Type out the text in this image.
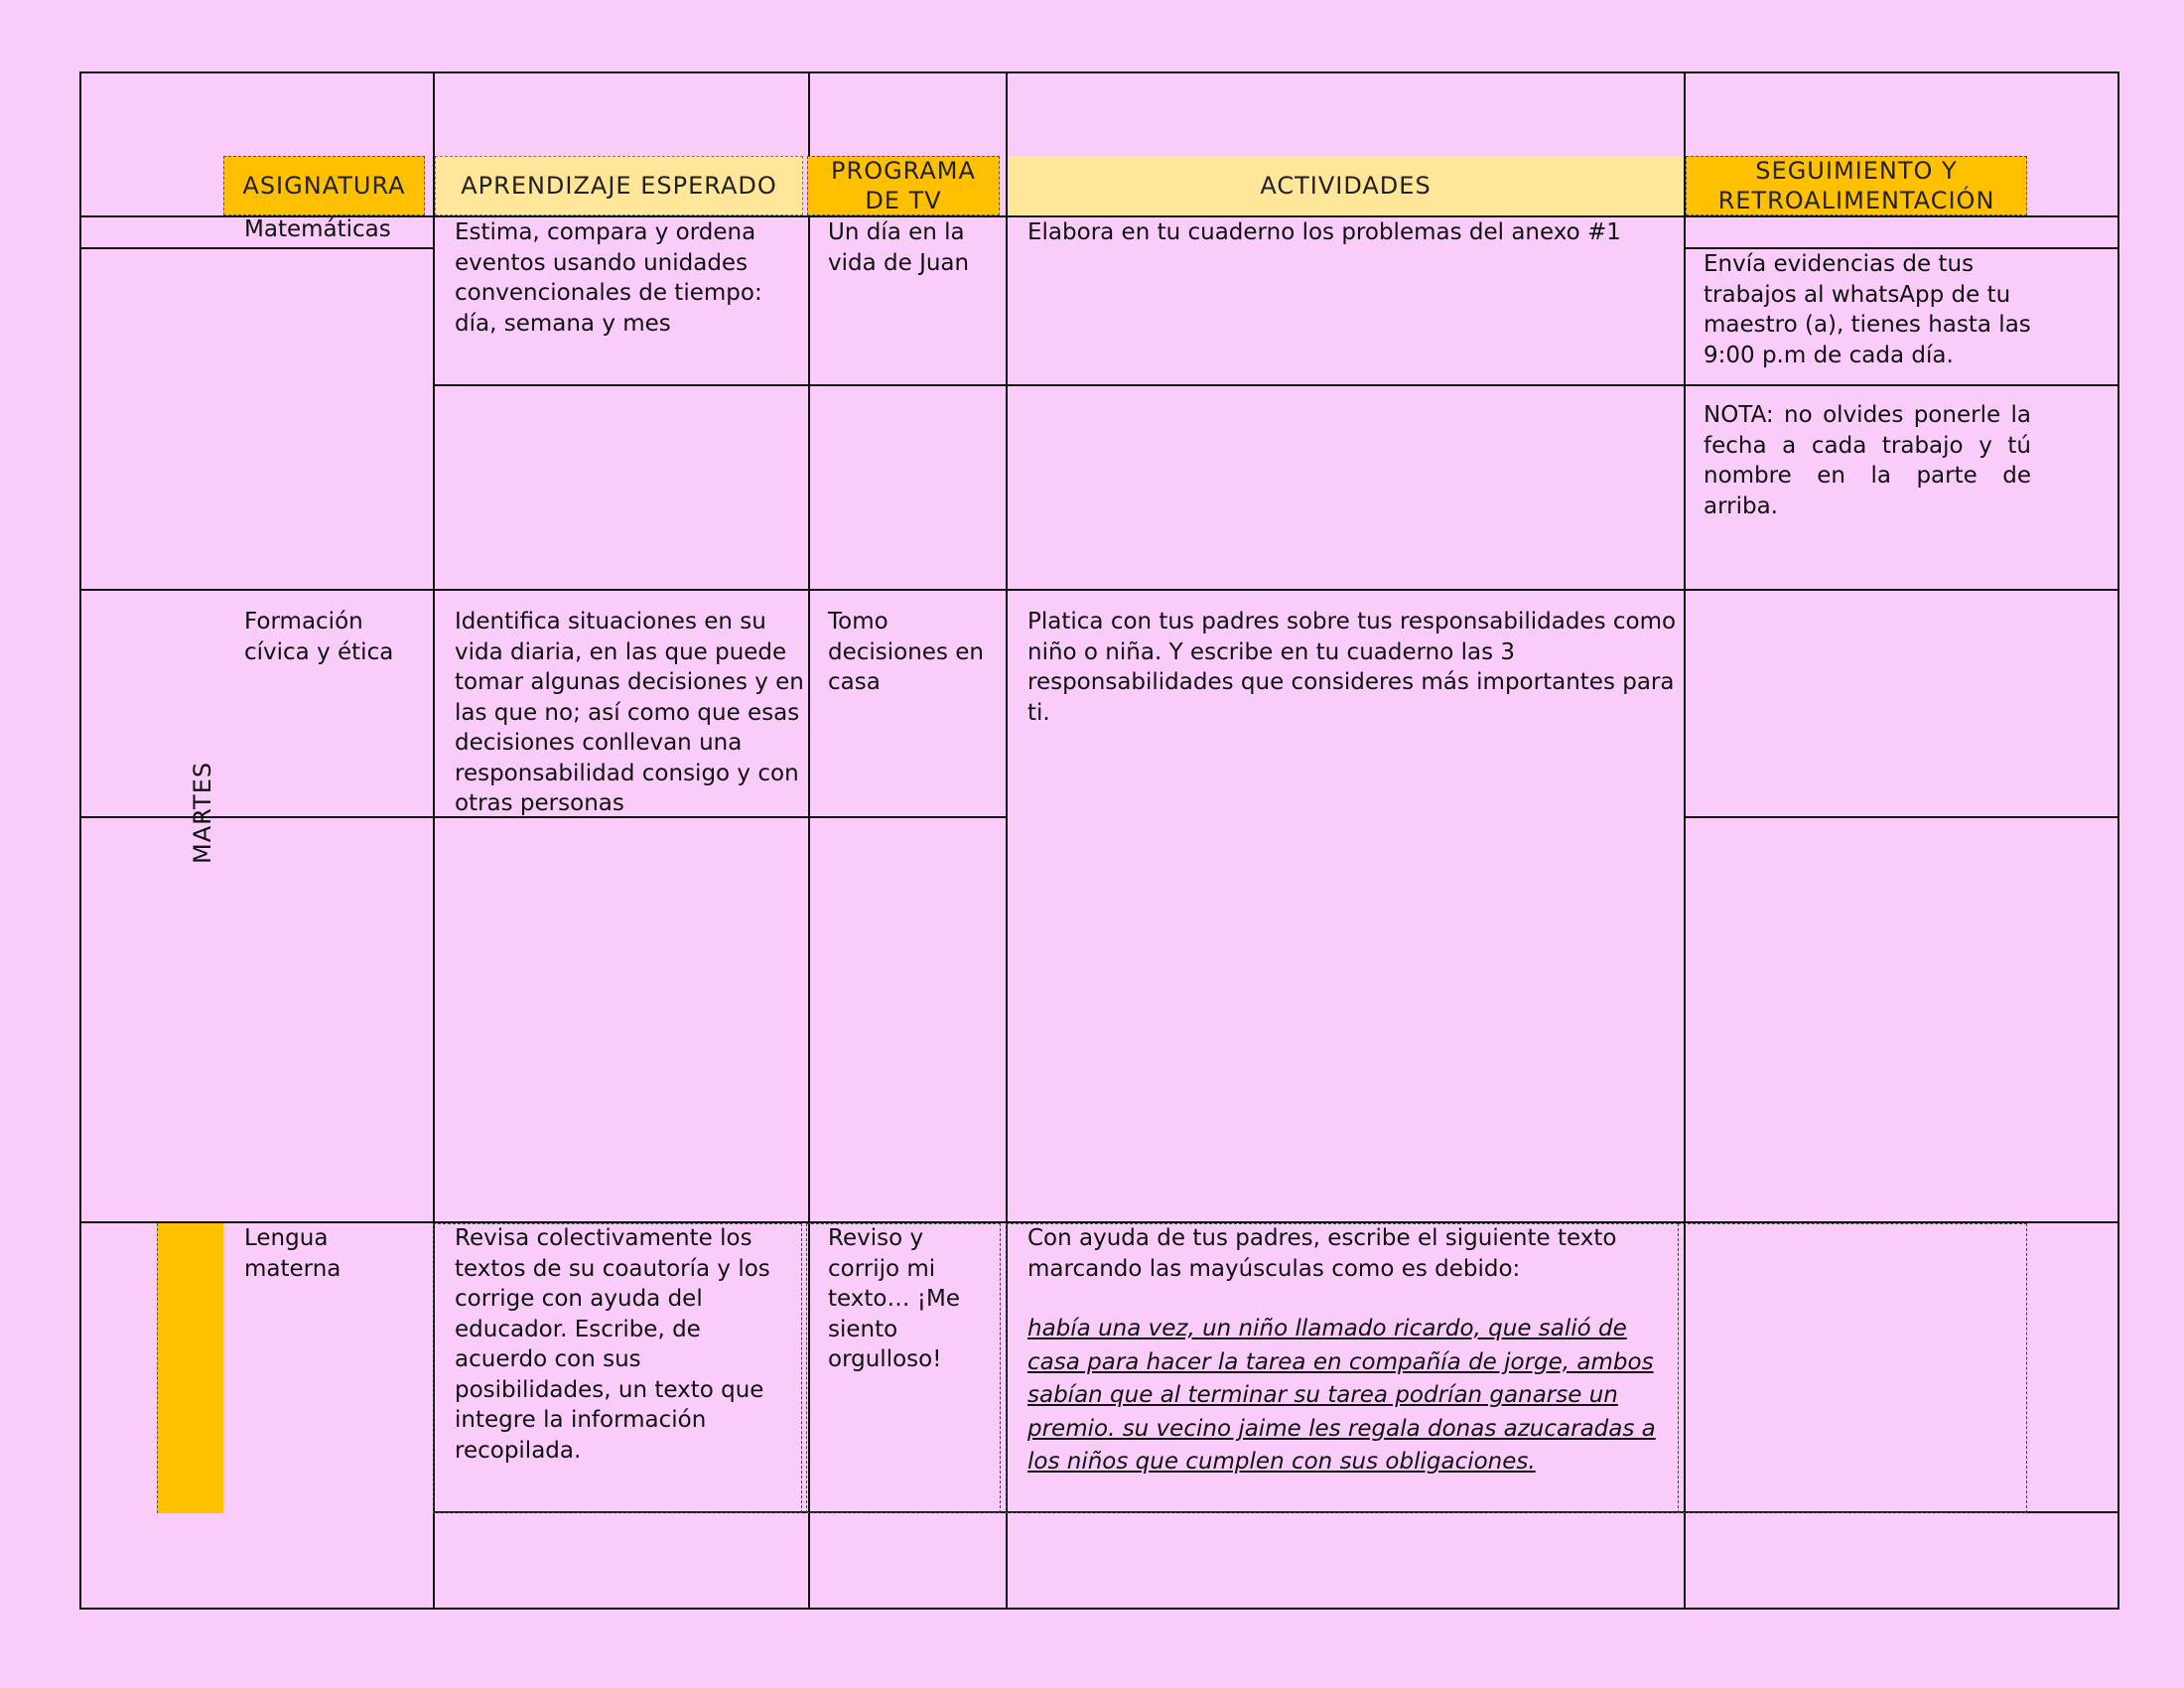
ASIGNATURA	APRENDIZAJE ESPERADO
PROGRAMA DE TV
ACTIVIDADES
SEGUIMIENTO Y RETROALIMENTACIÓN
MARTES
Matemáticas	Estima, compara y ordena eventos usando unidades convencionales de tiempo: día, semana y mes
Un día en la vida de Juan
Elabora en tu cuaderno los problemas del anexo #1
Envía evidencias de tus trabajos al whatsApp de tu maestro (a), tienes hasta las 9:00 p.m de cada día.
NOTA: no olvides ponerle la fecha a cada trabajo y tú nombre en la parte de arriba.
Formación cívica y ética
Identifica situaciones en su vida diaria, en las que puede tomar algunas decisiones y en las que no; así como que esas decisiones conllevan una responsabilidad consigo y con otras personas
Tomo decisiones en casa
Platica con tus padres sobre tus responsabilidades como niño o niña. Y escribe en tu cuaderno las 3 responsabilidades que consideres más importantes para ti.
Lengua materna
Revisa colectivamente los textos de su coautoría y los corrige con ayuda del educador. Escribe, de acuerdo con sus posibilidades, un texto que integre la información recopilada.
Reviso y corrijo mi texto… ¡Me siento orgulloso!
Con ayuda de tus padres, escribe el siguiente texto marcando las mayúsculas como es debido:
había una vez, un niño llamado ricardo, que salió de casa para hacer la tarea en compañía de jorge, ambos sabían que al terminar su tarea podrían ganarse un premio. su vecino jaime les regala donas azucaradas a los niños que cumplen con sus obligaciones.
